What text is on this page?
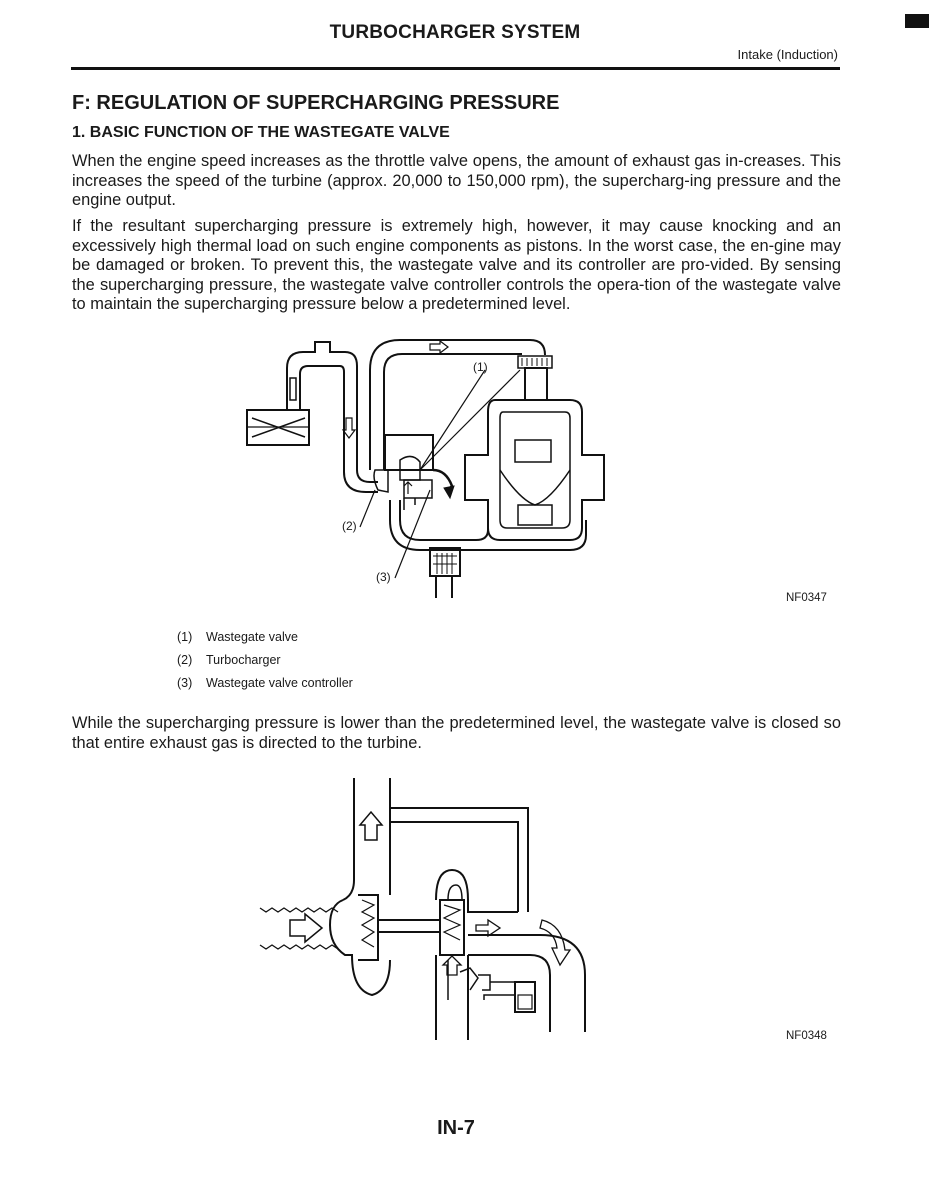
TURBOCHARGER SYSTEM
Intake (Induction)
F: REGULATION OF SUPERCHARGING PRESSURE
1. BASIC FUNCTION OF THE WASTEGATE VALVE
When the engine speed increases as the throttle valve opens, the amount of exhaust gas in-creases. This increases the speed of the turbine (approx. 20,000 to 150,000 rpm), the supercharg-ing pressure and the engine output.
If the resultant supercharging pressure is extremely high, however, it may cause knocking and an excessively high thermal load on such engine components as pistons. In the worst case, the en-gine may be damaged or broken. To prevent this, the wastegate valve and its controller are pro-vided. By sensing the supercharging pressure, the wastegate valve controller controls the opera-tion of the wastegate valve to maintain the supercharging pressure below a predetermined level.
(1)
(2)
(3)
NF0347
(1)	Wastegate valve
(2)	Turbocharger
(3)	Wastegate valve controller
While the supercharging pressure is lower than the predetermined level, the wastegate valve is closed so that entire exhaust gas is directed to the turbine.
NF0348
IN-7
